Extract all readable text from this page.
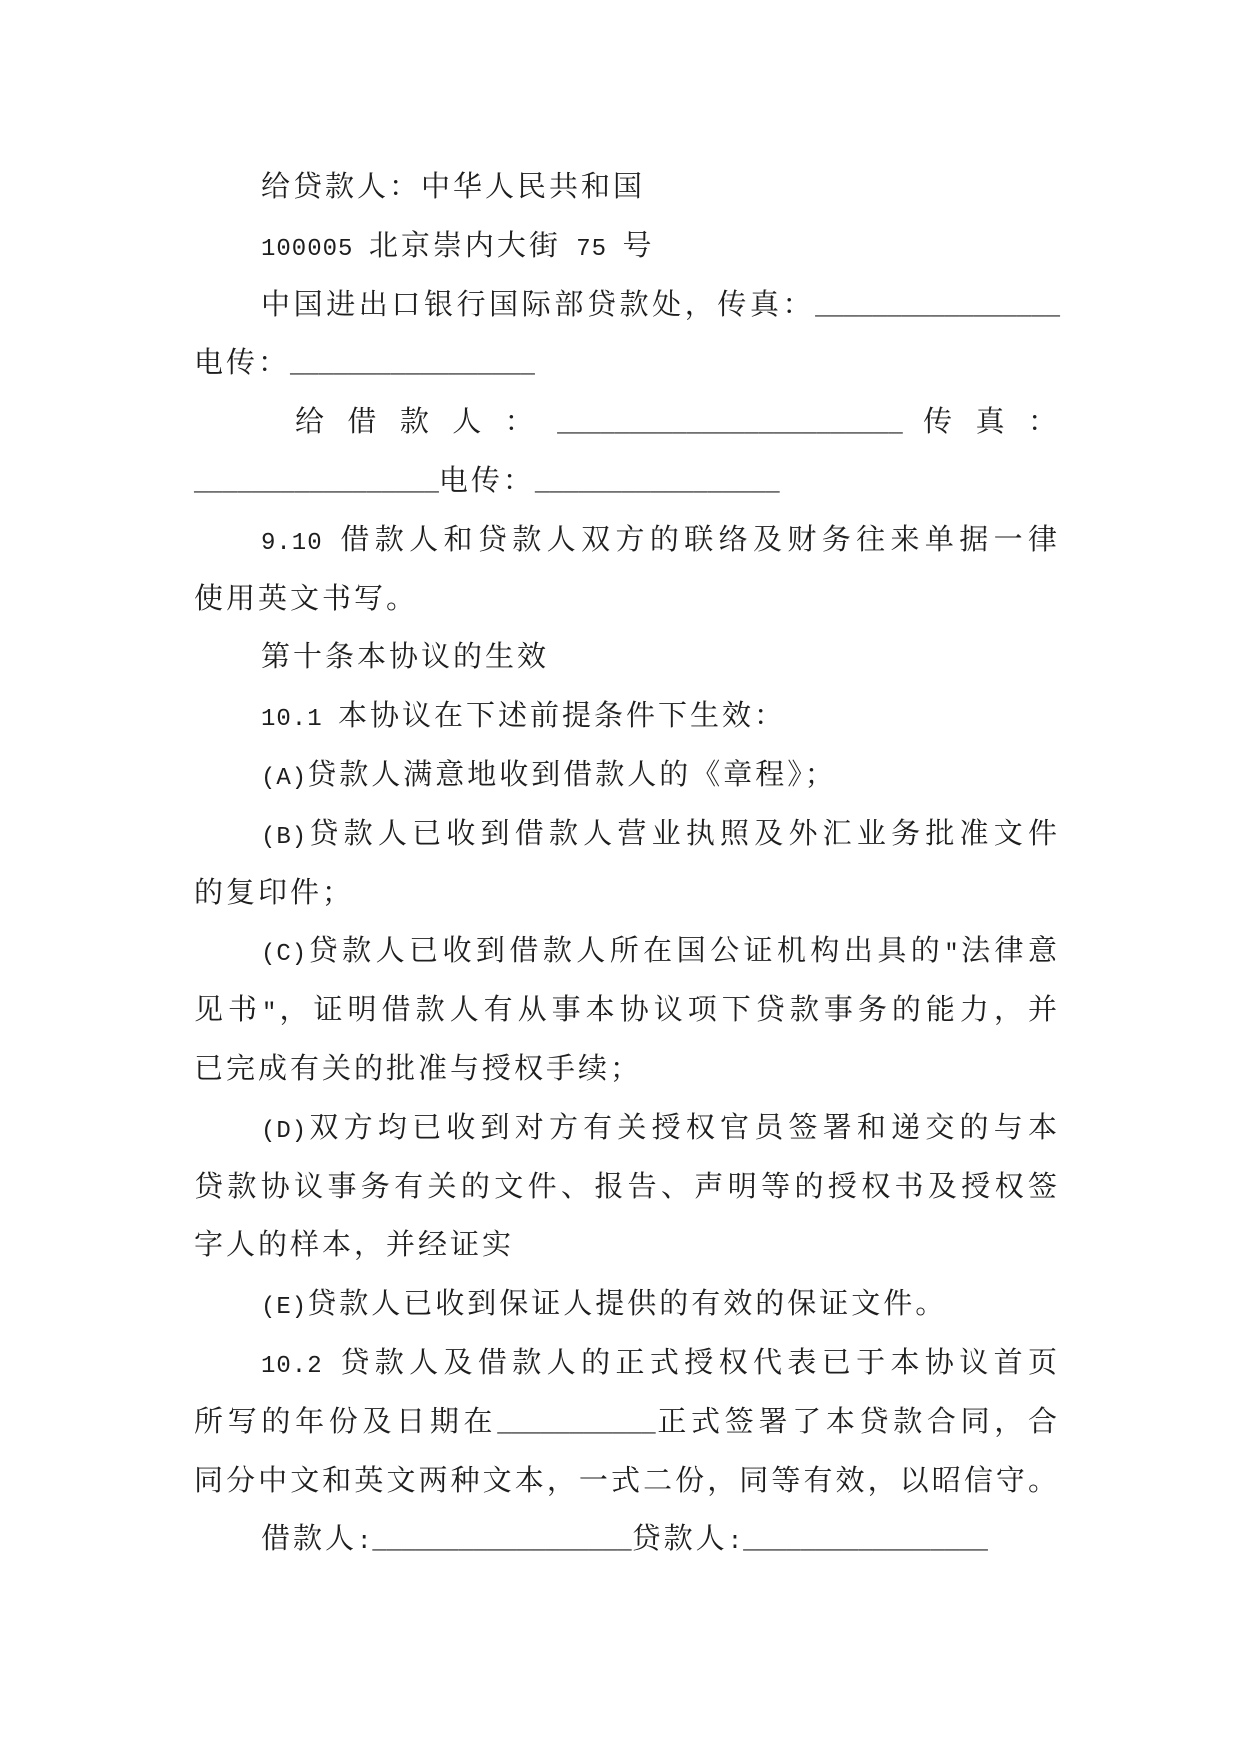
给贷款人：中华人民共和国
100005 北京崇内大街 75 号
中国进出口银行国际部贷款处，传真：_________________
电传：_________________
给借款人：________________________传真：
_________________电传：_________________
9.10 借款人和贷款人双方的联络及财务往来单据一律
使用英文书写。
第十条本协议的生效
10.1 本协议在下述前提条件下生效：
(A)贷款人满意地收到借款人的《章程》；
(B)贷款人已收到借款人营业执照及外汇业务批准文件
的复印件；
(C)贷款人已收到借款人所在国公证机构出具的"法律意
见书"，证明借款人有从事本协议项下贷款事务的能力，并
已完成有关的批准与授权手续；
(D)双方均已收到对方有关授权官员签署和递交的与本
贷款协议事务有关的文件、报告、声明等的授权书及授权签
字人的样本，并经证实
(E)贷款人已收到保证人提供的有效的保证文件。
10.2 贷款人及借款人的正式授权代表已于本协议首页
所写的年份及日期在___________正式签署了本贷款合同，合
同分中文和英文两种文本，一式二份，同等有效，以昭信守。
借款人:__________________贷款人:_________________
